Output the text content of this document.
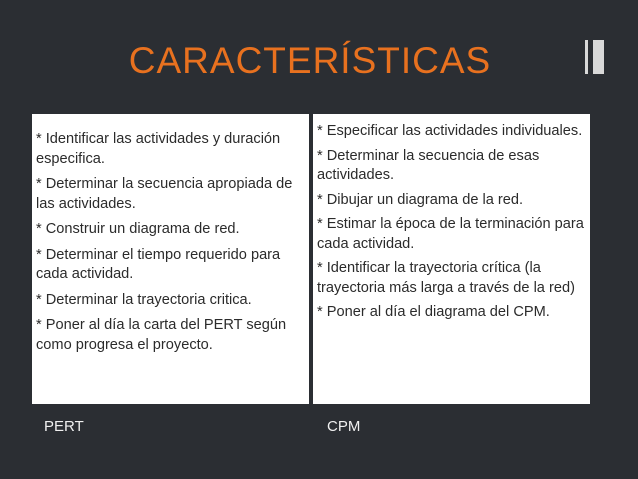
CARACTERÍSTICAS
* Identificar las actividades y duración especifica.
* Determinar la secuencia apropiada de las actividades.
* Construir un diagrama de red.
* Determinar el tiempo requerido para cada actividad.
* Determinar la trayectoria critica.
* Poner al día la carta del PERT según como progresa el proyecto.
* Especificar las actividades individuales.
* Determinar la secuencia de esas actividades.
* Dibujar un diagrama de la red.
* Estimar la época de la terminación para cada actividad.
* Identificar la trayectoria crítica (la trayectoria más larga a través de la red)
* Poner al día el diagrama del CPM.
PERT	CPM
